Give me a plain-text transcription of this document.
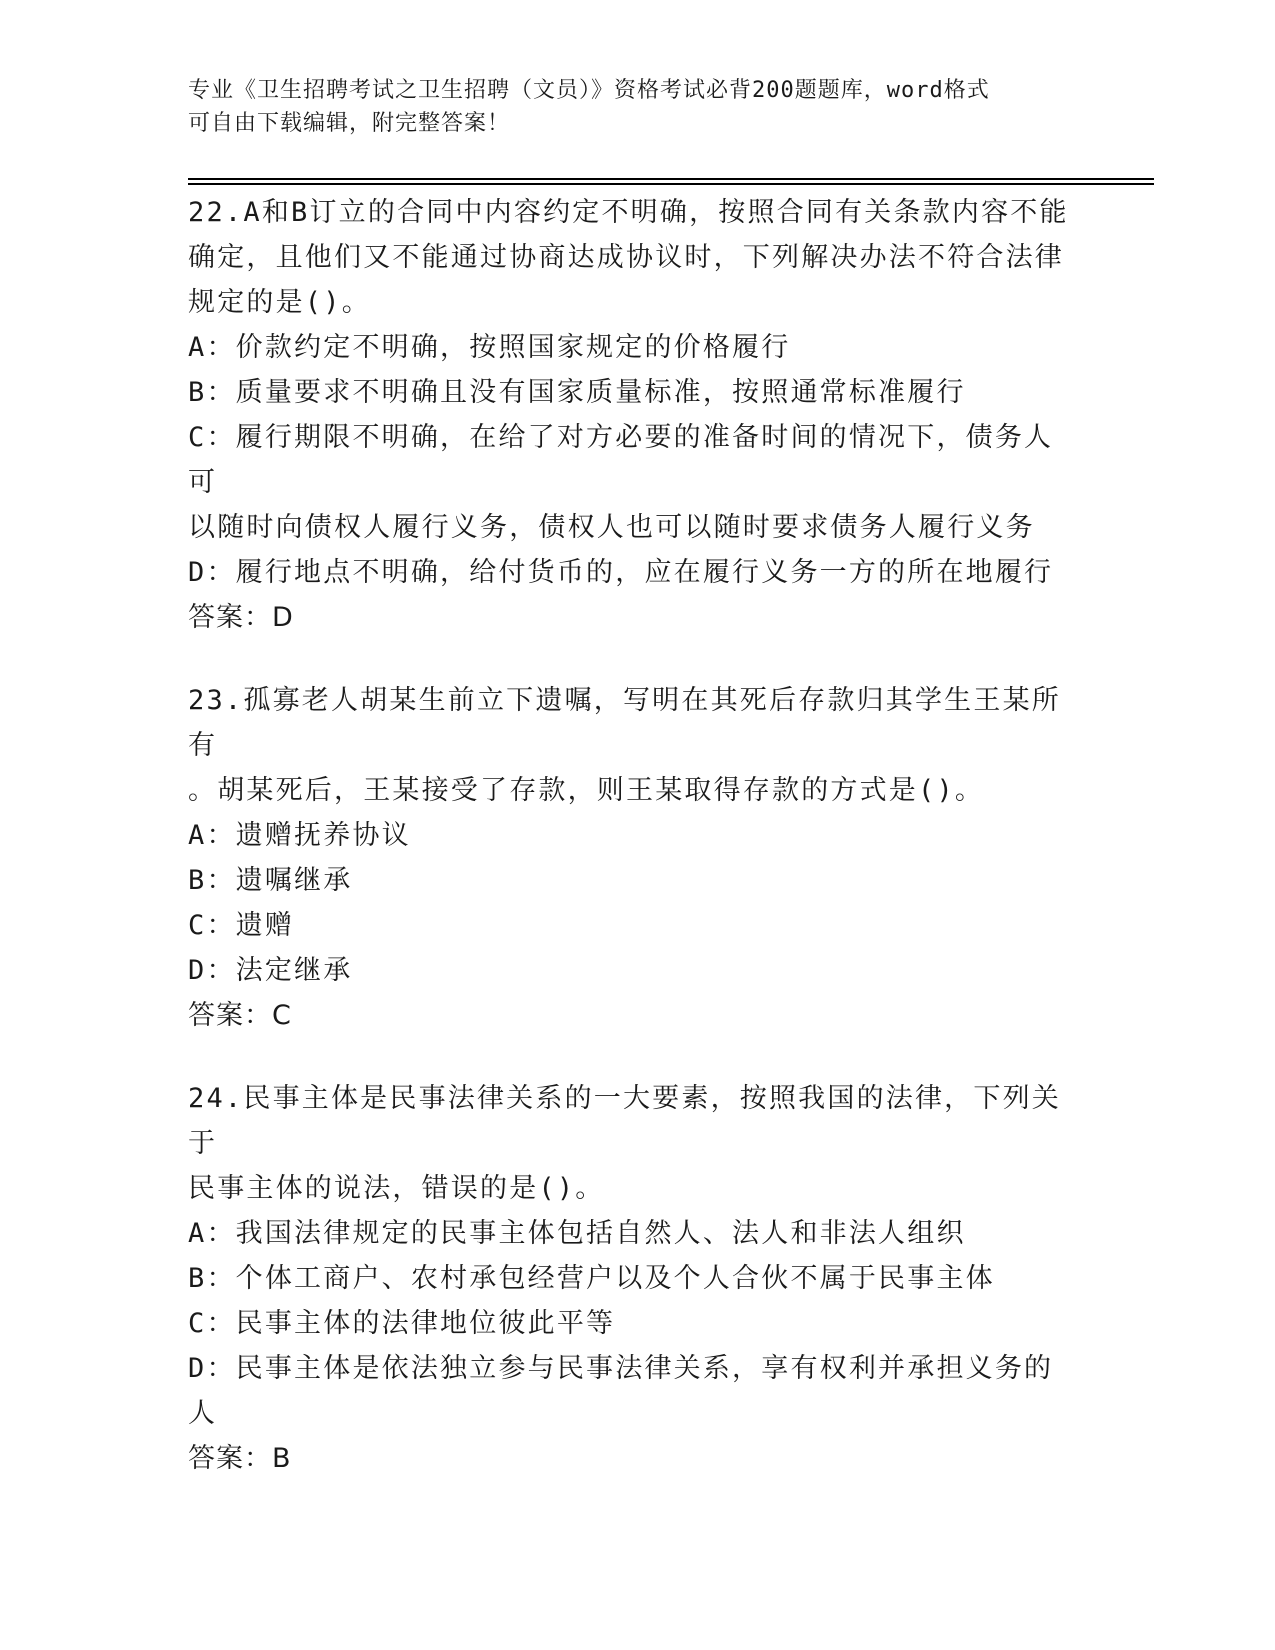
专业《卫生招聘考试之卫生招聘（文员）》资格考试必背200题题库，word格式
可自由下载编辑，附完整答案！

22.A和B订立的合同中内容约定不明确，按照合同有关条款内容不能

确定，且他们又不能通过协商达成协议时，下列解决办法不符合法律

规定的是()。

A：价款约定不明确，按照国家规定的价格履行

B：质量要求不明确且没有国家质量标准，按照通常标准履行

C：履行期限不明确，在给了对方必要的准备时间的情况下，债务人可

以随时向债权人履行义务，债权人也可以随时要求债务人履行义务

D：履行地点不明确，给付货币的，应在履行义务一方的所在地履行

答案：D

23.孤寡老人胡某生前立下遗嘱，写明在其死后存款归其学生王某所有

。胡某死后，王某接受了存款，则王某取得存款的方式是()。

A：遗赠抚养协议

B：遗嘱继承

C：遗赠

D：法定继承

答案：C

24.民事主体是民事法律关系的一大要素，按照我国的法律，下列关于

民事主体的说法，错误的是()。

A：我国法律规定的民事主体包括自然人、法人和非法人组织

B：个体工商户、农村承包经营户以及个人合伙不属于民事主体

C：民事主体的法律地位彼此平等

D：民事主体是依法独立参与民事法律关系，享有权利并承担义务的人

答案：B
